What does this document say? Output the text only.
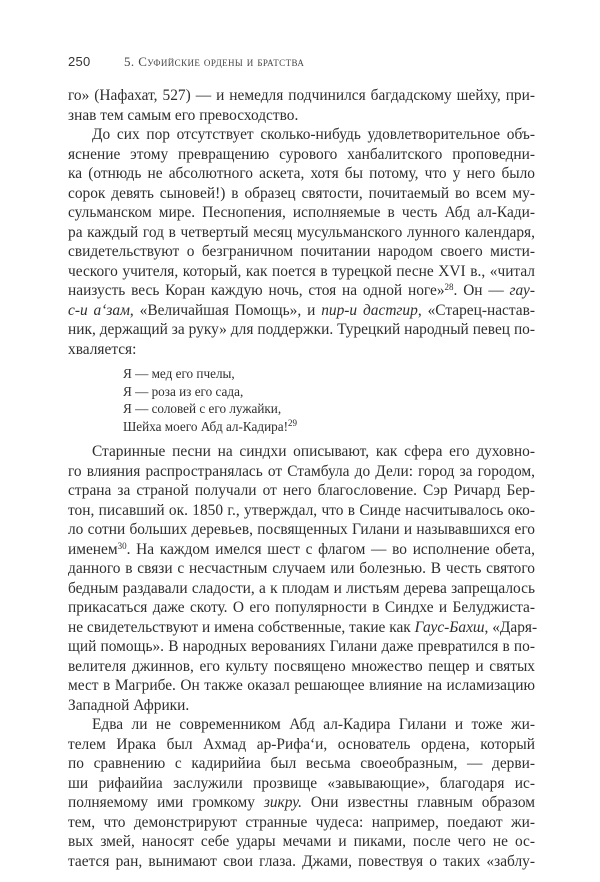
250	5. Суфийские ордены и братства
го» (Нафахат, 527) — и немедля подчинился багдадскому шейху, при-
знав тем самым его превосходство.
До сих пор отсутствует сколько-нибудь удовлетворительное объ-
яснение этому превращению сурового ханбалитского проповедни-
ка (отнюдь не абсолютного аскета, хотя бы потому, что у него было
сорок девять сыновей!) в образец святости, почитаемый во всем му-
сульманском мире. Песнопения, исполняемые в честь Абд ал-Кади-
ра каждый год в четвертый месяц мусульманского лунного календаря,
свидетельствуют о безграничном почитании народом своего мисти-
ческого учителя, который, как поется в турецкой песне XVI в., «читал
наизусть весь Коран каждую ночь, стоя на одной ноге»$^{28}$. Он — гау-
с-и а‘зам, «Величайшая Помощь», и пир-и дастгир, «Старец-настав-
ник, держащий за руку» для поддержки. Турецкий народный певец по-
хваляется:
Я — мед его пчелы,
Я — роза из его сада,
Я — соловей с его лужайки,
Шейха моего Абд ал-Кадира!$^{29}$
Старинные песни на синдхи описывают, как сфера его духовно-
го влияния распространялась от Стамбула до Дели: город за городом,
страна за страной получали от него благословение. Сэр Ричард Бер-
тон, писавший ок. 1850 г., утверждал, что в Синде насчитывалось око-
ло сотни больших деревьев, посвященных Гилани и называвшихся его
именем$^{30}$. На каждом имелся шест с флагом — во исполнение обета,
данного в связи с несчастным случаем или болезнью. В честь святого
бедным раздавали сладости, а к плодам и листьям дерева запрещалось
прикасаться даже скоту. О его популярности в Синдхе и Белуджиста-
не свидетельствуют и имена собственные, такие как Гаус-Бахш, «Даря-
щий помощь». В народных верованиях Гилани даже превратился в по-
велителя джиннов, его культу посвящено множество пещер и святых
мест в Магрибе. Он также оказал решающее влияние на исламизацию
Западной Африки.
Едва ли не современником Абд ал-Кадира Гилани и тоже жи-
телем Ирака был Ахмад ар-Рифа‘и, основатель ордена, который
по сравнению с кадирийиа был весьма своеобразным, — дерви-
ши рифаийиа заслужили прозвище «завывающие», благодаря ис-
полняемому ими громкому зикру. Они известны главным образом
тем, что демонстрируют странные чудеса: например, поедают жи-
вых змей, наносят себе удары мечами и пиками, после чего не ос-
тается ран, вынимают свои глаза. Джами, повествуя о таких «заблу-
